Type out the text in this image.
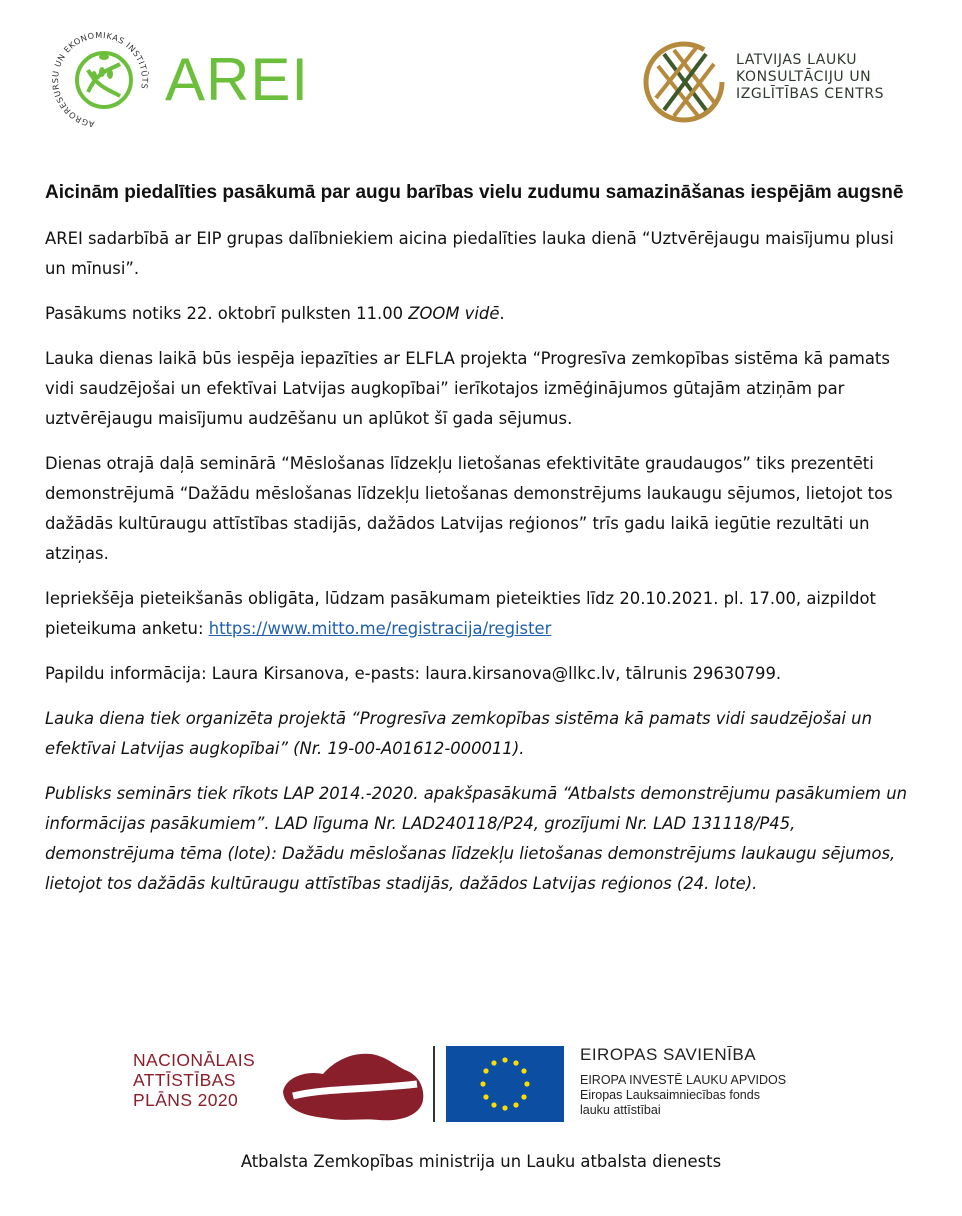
AGRORESURSU UN EKONOMIKAS INSTITŪTS AREI	LATVIJAS LAUKU
KONSULTĀCIJU UN
IZGLĪTĪBAS CENTRS
Aicinām piedalīties pasākumā par augu barības vielu zudumu samazināšanas iespējām augsnē

AREI sadarbībā ar EIP grupas dalībniekiem aicina piedalīties lauka dienā “Uztvērējaugu maisījumu plusi un mīnusi”.

Pasākums notiks 22. oktobrī pulksten 11.00 ZOOM vidē.

Lauka dienas laikā būs iespēja iepazīties ar ELFLA projekta “Progresīva zemkopības sistēma kā pamats vidi saudzējošai un efektīvai Latvijas augkopībai” ierīkotajos izmēģinājumos gūtajām atziņām par uztvērējaugu maisījumu audzēšanu un aplūkot šī gada sējumus.

Dienas otrajā daļā seminārā “Mēslošanas līdzekļu lietošanas efektivitāte graudaugos” tiks prezentēti demonstrējumā “Dažādu mēslošanas līdzekļu lietošanas demonstrējums laukaugu sējumos, lietojot tos dažādās kultūraugu attīstības stadijās, dažādos Latvijas reģionos” trīs gadu laikā iegūtie rezultāti un atziņas.

Iepriekšēja pieteikšanās obligāta, lūdzam pasākumam pieteikties līdz 20.10.2021. pl. 17.00, aizpildot pieteikuma anketu: https://www.mitto.me/registracija/register

Papildu informācija: Laura Kirsanova, e-pasts: laura.kirsanova@llkc.lv, tālrunis 29630799.

Lauka diena tiek organizēta projektā “Progresīva zemkopības sistēma kā pamats vidi saudzējošai un efektīvai Latvijas augkopībai” (Nr. 19-00-A01612-000011).

Publisks seminārs tiek rīkots LAP 2014.-2020. apakšpasākumā “Atbalsts demonstrējumu pasākumiem un informācijas pasākumiem”. LAD līguma Nr. LAD240118/P24, grozījumi Nr. LAD 131118/P45, demonstrējuma tēma (lote): Dažādu mēslošanas līdzekļu lietošanas demonstrējums laukaugu sējumos, lietojot tos dažādās kultūraugu attīstības stadijās, dažādos Latvijas reģionos (24. lote).

NACIONĀLAIS
ATTĪSTĪBAS
PLĀNS 2020
EIROPAS SAVIENĪBA
EIROPA INVESTĒ LAUKU APVIDOS
Eiropas Lauksaimniecības fonds
lauku attīstībai
Atbalsta Zemkopības ministrija un Lauku atbalsta dienests
